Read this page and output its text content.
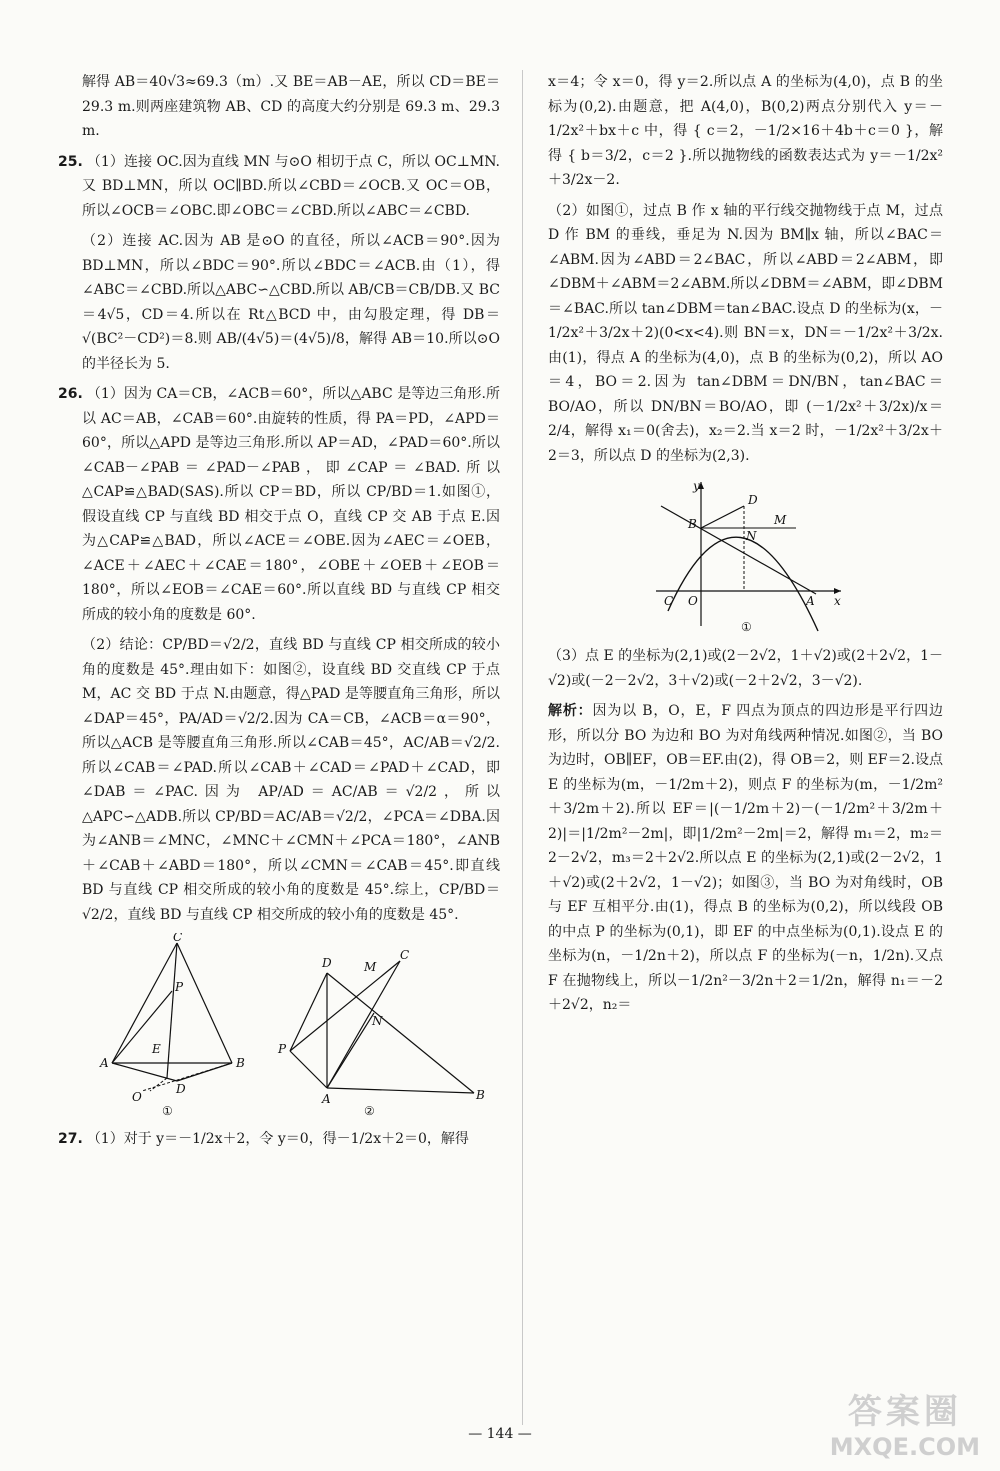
解得 AB＝40√3≈69.3（m）.又 BE＝AB－AE，所以 CD＝BE＝29.3 m.则两座建筑物 AB、CD 的高度大约分别是 69.3 m、29.3 m.

25. （1）连接 OC.因为直线 MN 与⊙O 相切于点 C，所以 OC⊥MN.又 BD⊥MN，所以 OC∥BD.所以∠CBD＝∠OCB.又 OC＝OB，所以∠OCB＝∠OBC.即∠OBC＝∠CBD.所以∠ABC＝∠CBD.

（2）连接 AC.因为 AB 是⊙O 的直径，所以∠ACB＝90°.因为 BD⊥MN，所以∠BDC＝90°.所以∠BDC＝∠ACB.由（1），得∠ABC＝∠CBD.所以△ABC∽△CBD.所以 AB/CB＝CB/DB.又 BC＝4√5，CD＝4.所以在 Rt△BCD 中，由勾股定理，得 DB＝√(BC²－CD²)＝8.则 AB/(4√5)＝(4√5)/8，解得 AB＝10.所以⊙O 的半径长为 5.

26. （1）因为 CA＝CB，∠ACB＝60°，所以△ABC 是等边三角形.所以 AC＝AB，∠CAB＝60°.由旋转的性质，得 PA＝PD，∠APD＝60°，所以△APD 是等边三角形.所以 AP＝AD，∠PAD＝60°.所以∠CAB－∠PAB＝∠PAD－∠PAB，即∠CAP＝∠BAD.所以△CAP≌△BAD(SAS).所以 CP＝BD，所以 CP/BD＝1.如图①，假设直线 CP 与直线 BD 相交于点 O，直线 CP 交 AB 于点 E.因为△CAP≌△BAD，所以∠ACE＝∠OBE.因为∠AEC＝∠OEB，∠ACE＋∠AEC＋∠CAE＝180°，∠OBE＋∠OEB＋∠EOB＝180°，所以∠EOB＝∠CAE＝60°.所以直线 BD 与直线 CP 相交所成的较小角的度数是 60°.

（2）结论：CP/BD＝√2/2，直线 BD 与直线 CP 相交所成的较小角的度数是 45°.理由如下：如图②，设直线 BD 交直线 CP 于点 M，AC 交 BD 于点 N.由题意，得△PAD 是等腰直角三角形，所以∠DAP＝45°，PA/AD＝√2/2.因为 CA＝CB，∠ACB＝α＝90°，所以△ACB 是等腰直角三角形.所以∠CAB＝45°，AC/AB＝√2/2.所以∠CAB＝∠PAD.所以∠CAB＋∠CAD＝∠PAD＋∠CAD，即∠DAB＝∠PAC.因为 AP/AD＝AC/AB＝√2/2，所以△APC∽△ADB.所以 CP/BD＝AC/AB＝√2/2，∠PCA＝∠DBA.因为∠ANB＝∠MNC，∠MNC＋∠CMN＋∠PCA＝180°，∠ANB＋∠CAB＋∠ABD＝180°，所以∠CMN＝∠CAB＝45°.即直线 BD 与直线 CP 相交所成的较小角的度数是 45°.综上，CP/BD＝√2/2，直线 BD 与直线 CP 相交所成的较小角的度数是 45°.

C
P
E
A	B
O
D
①
D	M
C
P
N
A	B
②

27. （1）对于 y＝－1/2x＋2，令 y＝0，得－1/2x＋2＝0，解得

x＝4；令 x＝0，得 y＝2.所以点 A 的坐标为(4,0)，点 B 的坐标为(0,2).由题意，把 A(4,0)，B(0,2)两点分别代入 y＝－1/2x²＋bx＋c 中，得 { c＝2，－1/2×16＋4b＋c＝0 }，解得 { b＝3/2，c＝2 }.所以抛物线的函数表达式为 y＝－1/2x²＋3/2x－2.

（2）如图①，过点 B 作 x 轴的平行线交抛物线于点 M，过点 D 作 BM 的垂线，垂足为 N.因为 BM∥x 轴，所以∠BAC＝∠ABM.因为∠ABD＝2∠BAC，所以∠ABD＝2∠ABM，即∠DBM＋∠ABM＝2∠ABM.所以∠DBM＝∠ABM，即∠DBM＝∠BAC.所以 tan∠DBM＝tan∠BAC.设点 D 的坐标为(x，－1/2x²＋3/2x＋2)(0<x<4).则 BN＝x，DN＝－1/2x²＋3/2x.由(1)，得点 A 的坐标为(4,0)，点 B 的坐标为(0,2)，所以 AO＝4，BO＝2.因为 tan∠DBM＝DN/BN，tan∠BAC＝BO/AO，所以 DN/BN＝BO/AO，即 (－1/2x²＋3/2x)/x＝2/4，解得 x₁＝0(舍去)，x₂＝2.当 x＝2 时，－1/2x²＋3/2x＋2＝3，所以点 D 的坐标为(2,3).

y
x
D
B	M
N
C O	A
①

（3）点 E 的坐标为(2,1)或(2－2√2，1＋√2)或(2＋2√2，1－√2)或(－2－2√2，3＋√2)或(－2＋2√2，3－√2).

解析：因为以 B，O，E，F 四点为顶点的四边形是平行四边形，所以分 BO 为边和 BO 为对角线两种情况.如图②，当 BO 为边时，OB∥EF，OB＝EF.由(2)，得 OB＝2，则 EF＝2.设点 E 的坐标为(m，－1/2m＋2)，则点 F 的坐标为(m，－1/2m²＋3/2m＋2).所以 EF＝|(－1/2m＋2)－(－1/2m²＋3/2m＋2)|＝|1/2m²－2m|，即|1/2m²－2m|＝2，解得 m₁＝2，m₂＝2－2√2，m₃＝2＋2√2.所以点 E 的坐标为(2,1)或(2－2√2，1＋√2)或(2＋2√2，1－√2)；如图③，当 BO 为对角线时，OB 与 EF 互相平分.由(1)，得点 B 的坐标为(0,2)，所以线段 OB 的中点 P 的坐标为(0,1)，即 EF 的中点坐标为(0,1).设点 E 的坐标为(n，－1/2n＋2)，所以点 F 的坐标为(－n，1/2n).又点 F 在抛物线上，所以－1/2n²－3/2n＋2＝1/2n，解得 n₁＝－2＋2√2，n₂＝

— 144 —
答案圈
MXQE.COM
